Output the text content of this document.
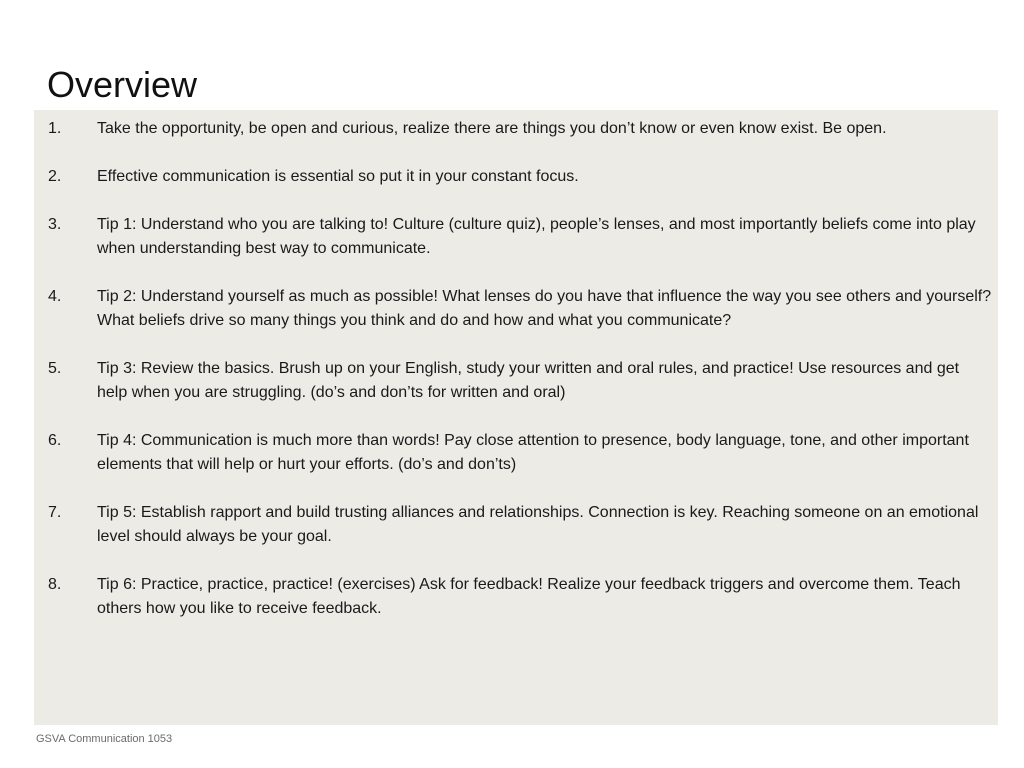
Overview
1.	Take the opportunity, be open and curious, realize there are things you don’t know or even know exist. Be open.
2.	Effective communication is essential so put it in your constant focus.
3.	Tip 1: Understand who you are talking to! Culture (culture quiz), people’s lenses, and most importantly beliefs come into play when understanding best way to communicate.
4.	Tip 2: Understand yourself as much as possible! What lenses do you have that influence the way you see others and yourself? What beliefs drive so many things you think and do and how and what you communicate?
5.	Tip 3: Review the basics. Brush up on your English, study your written and oral rules, and practice! Use resources and get help when you are struggling. (do’s and don’ts for written and oral)
6.	Tip 4: Communication is much more than words! Pay close attention to presence, body language, tone, and other important elements that will help or hurt your efforts. (do’s and don’ts)
7.	Tip 5: Establish rapport and build trusting alliances and relationships. Connection is key. Reaching someone on an emotional level should always be your goal.
8.	Tip 6: Practice, practice, practice! (exercises) Ask for feedback! Realize your feedback triggers and overcome them. Teach others how you like to receive feedback.
GSVA Communication 1053
